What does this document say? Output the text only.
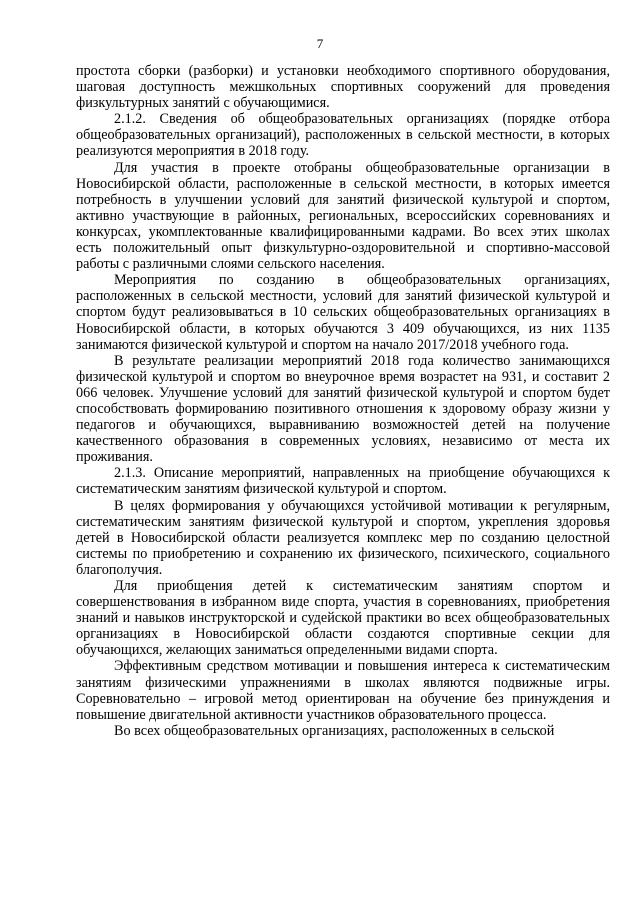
7

простота сборки (разборки) и установки необходимого спортивного оборудования, шаговая доступность межшкольных спортивных сооружений для проведения физкультурных занятий с обучающимися.

2.1.2. Сведения об общеобразовательных организациях (порядке отбора общеобразовательных организаций), расположенных в сельской местности, в которых реализуются мероприятия в 2018 году.

Для участия в проекте отобраны общеобразовательные организации в Новосибирской области, расположенные в сельской местности, в которых имеется потребность в улучшении условий для занятий физической культурой и спортом, активно участвующие в районных, региональных, всероссийских соревнованиях и конкурсах, укомплектованные квалифицированными кадрами. Во всех этих школах есть положительный опыт физкультурно-оздоровительной и спортивно-массовой работы с различными слоями сельского населения.

Мероприятия по созданию в общеобразовательных организациях, расположенных в сельской местности, условий для занятий физической культурой и спортом будут реализовываться в 10 сельских общеобразовательных организациях в Новосибирской области, в которых обучаются 3 409 обучающихся, из них 1135 занимаются физической культурой и спортом на начало 2017/2018 учебного года.

В результате реализации мероприятий 2018 года количество занимающихся физической культурой и спортом во внеурочное время возрастет на 931, и составит 2 066 человек. Улучшение условий для занятий физической культурой и спортом будет способствовать формированию позитивного отношения к здоровому образу жизни у педагогов и обучающихся, выравниванию возможностей детей на получение качественного образования в современных условиях, независимо от места их проживания.

2.1.3. Описание мероприятий, направленных на приобщение обучающихся к систематическим занятиям физической культурой и спортом.

В целях формирования у обучающихся устойчивой мотивации к регулярным, систематическим занятиям физической культурой и спортом, укрепления здоровья детей в Новосибирской области реализуется комплекс мер по созданию целостной системы по приобретению и сохранению их физического, психического, социального благополучия.

Для приобщения детей к систематическим занятиям спортом и совершенствования в избранном виде спорта, участия в соревнованиях, приобретения знаний и навыков инструкторской и судейской практики во всех общеобразовательных организациях в Новосибирской области создаются спортивные секции для обучающихся, желающих заниматься определенными видами спорта.

Эффективным средством мотивации и повышения интереса к систематическим занятиям физическими упражнениями в школах являются подвижные игры. Соревновательно – игровой метод ориентирован на обучение без принуждения и повышение двигательной активности участников образовательного процесса.

Во всех общеобразовательных организациях, расположенных в сельской
